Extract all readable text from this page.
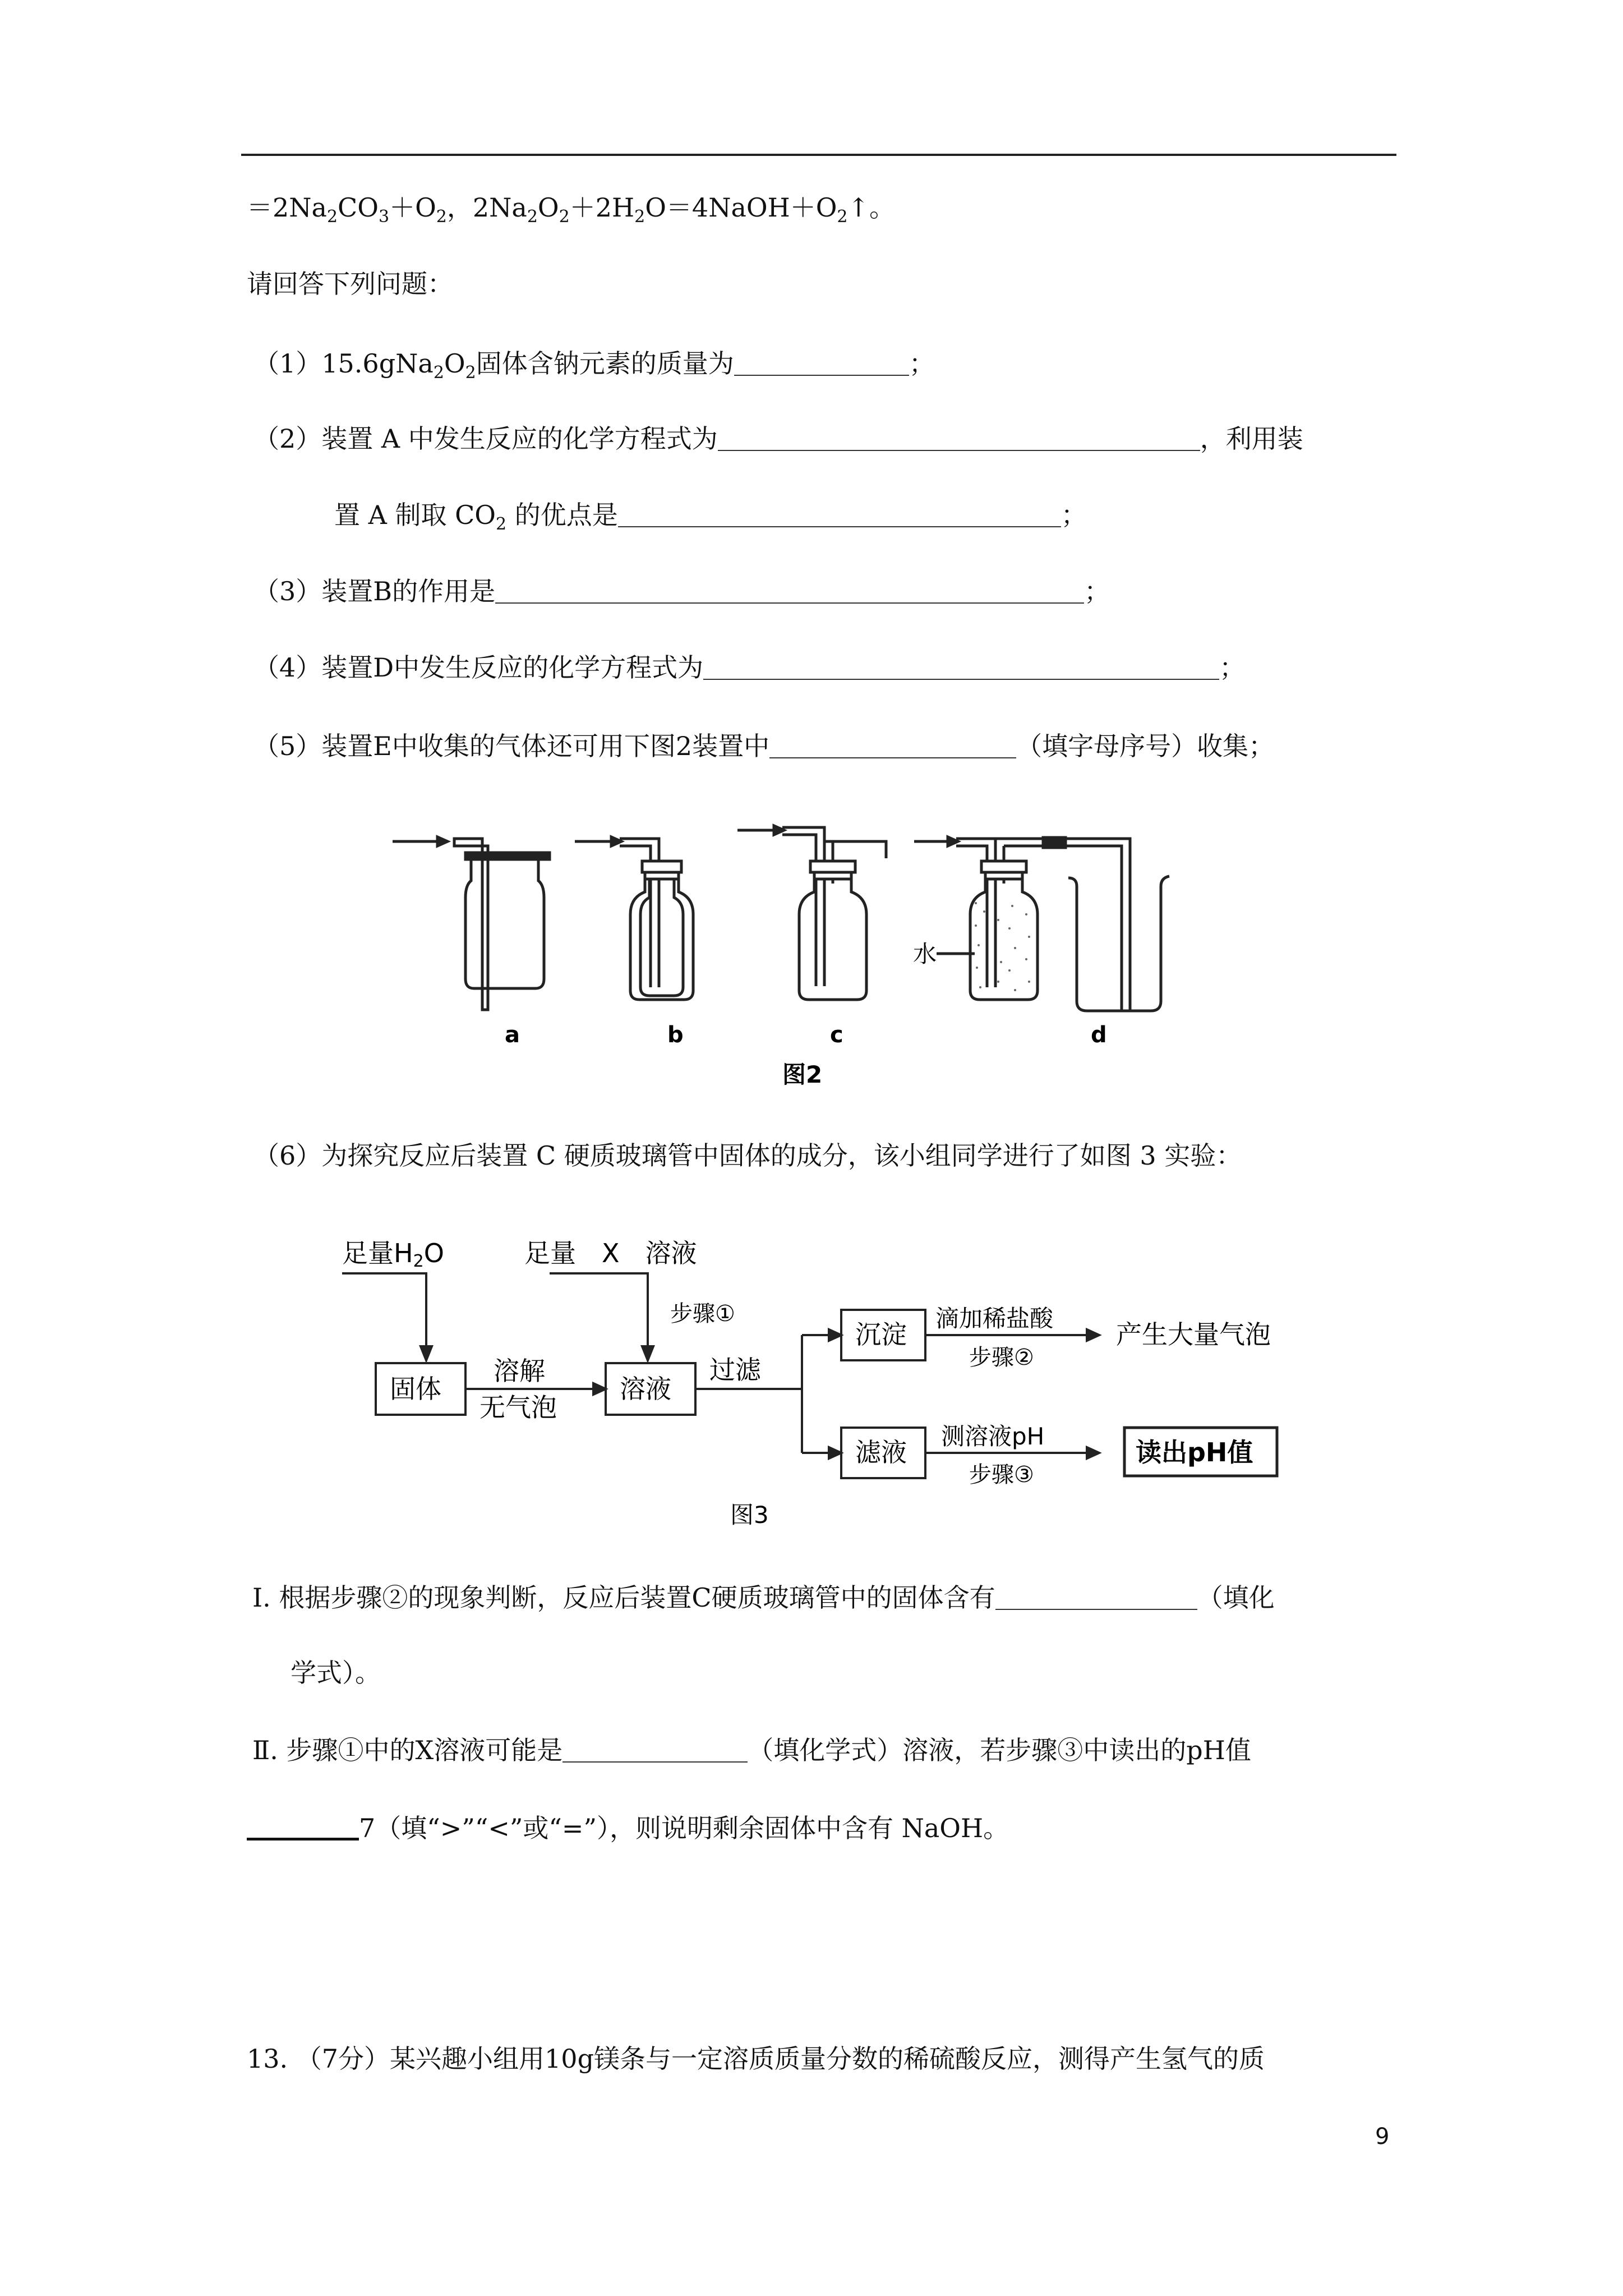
$=2Na_2CO_3+O_2$，$2Na_2O_2+2H_2O=4NaOH+O_2↑$。
请回答下列问题：
$(1)15.6gNa_2O_2$固体含钠元素的质量为	；
（2）装置 A 中发生反应的化学方程式为	，利用装
置 A 制取 $CO_2$ 的优点是	；
（3）装置B的作用是	；
（4）装置D中发生反应的化学方程式为	；
（5）装置E中收集的气体还可用下图2装置中	（填字母序号）收集；
水
a	b	c	d
图2
（6）为探究反应后装置 C 硬质玻璃管中固体的成分，该小组同学进行了如图 3 实验：
足量H2O	足量　X　溶液
步骤①
固体
溶解
无气泡
溶液
过滤
沉淀
滴加稀盐酸
步骤②
产生大量气泡
滤液
测溶液pH
步骤③
读出pH值
图3
Ⅰ. 根据步骤②的现象判断，反应后装置C硬质玻璃管中的固体含有	（填化
学式）。
Ⅱ. 步骤①中的X溶液可能是	（填化学式）溶液，若步骤③中读出的pH值
7（填“>”“<”或“=”），则说明剩余固体中含有 NaOH。
13. （7分）某兴趣小组用10g镁条与一定溶质质量分数的稀硫酸反应，测得产生氢气的质
9
